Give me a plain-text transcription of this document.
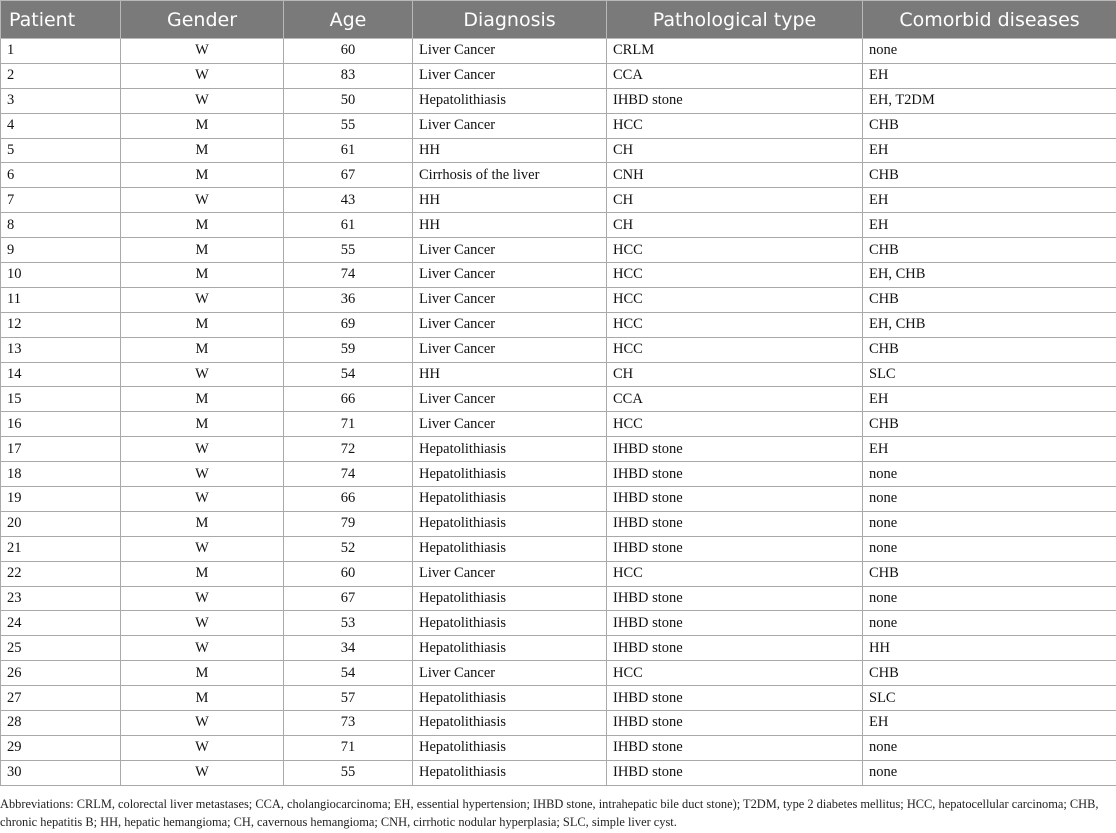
Patient	Gender	Age	Diagnosis	Pathological type	Comorbid diseases
1	W	60	Liver Cancer	CRLM	none
2	W	83	Liver Cancer	CCA	EH
3	W	50	Hepatolithiasis	IHBD stone	EH, T2DM
4	M	55	Liver Cancer	HCC	CHB
5	M	61	HH	CH	EH
6	M	67	Cirrhosis of the liver	CNH	CHB
7	W	43	HH	CH	EH
8	M	61	HH	CH	EH
9	M	55	Liver Cancer	HCC	CHB
10	M	74	Liver Cancer	HCC	EH, CHB
11	W	36	Liver Cancer	HCC	CHB
12	M	69	Liver Cancer	HCC	EH, CHB
13	M	59	Liver Cancer	HCC	CHB
14	W	54	HH	CH	SLC
15	M	66	Liver Cancer	CCA	EH
16	M	71	Liver Cancer	HCC	CHB
17	W	72	Hepatolithiasis	IHBD stone	EH
18	W	74	Hepatolithiasis	IHBD stone	none
19	W	66	Hepatolithiasis	IHBD stone	none
20	M	79	Hepatolithiasis	IHBD stone	none
21	W	52	Hepatolithiasis	IHBD stone	none
22	M	60	Liver Cancer	HCC	CHB
23	W	67	Hepatolithiasis	IHBD stone	none
24	W	53	Hepatolithiasis	IHBD stone	none
25	W	34	Hepatolithiasis	IHBD stone	HH
26	M	54	Liver Cancer	HCC	CHB
27	M	57	Hepatolithiasis	IHBD stone	SLC
28	W	73	Hepatolithiasis	IHBD stone	EH
29	W	71	Hepatolithiasis	IHBD stone	none
30	W	55	Hepatolithiasis	IHBD stone	none
Abbreviations: CRLM, colorectal liver metastases; CCA, cholangiocarcinoma; EH, essential hypertension; IHBD stone, intrahepatic bile duct stone); T2DM, type 2 diabetes mellitus; HCC, hepatocellular carcinoma; CHB, chronic hepatitis B; HH, hepatic hemangioma; CH, cavernous hemangioma; CNH, cirrhotic nodular hyperplasia; SLC, simple liver cyst.
